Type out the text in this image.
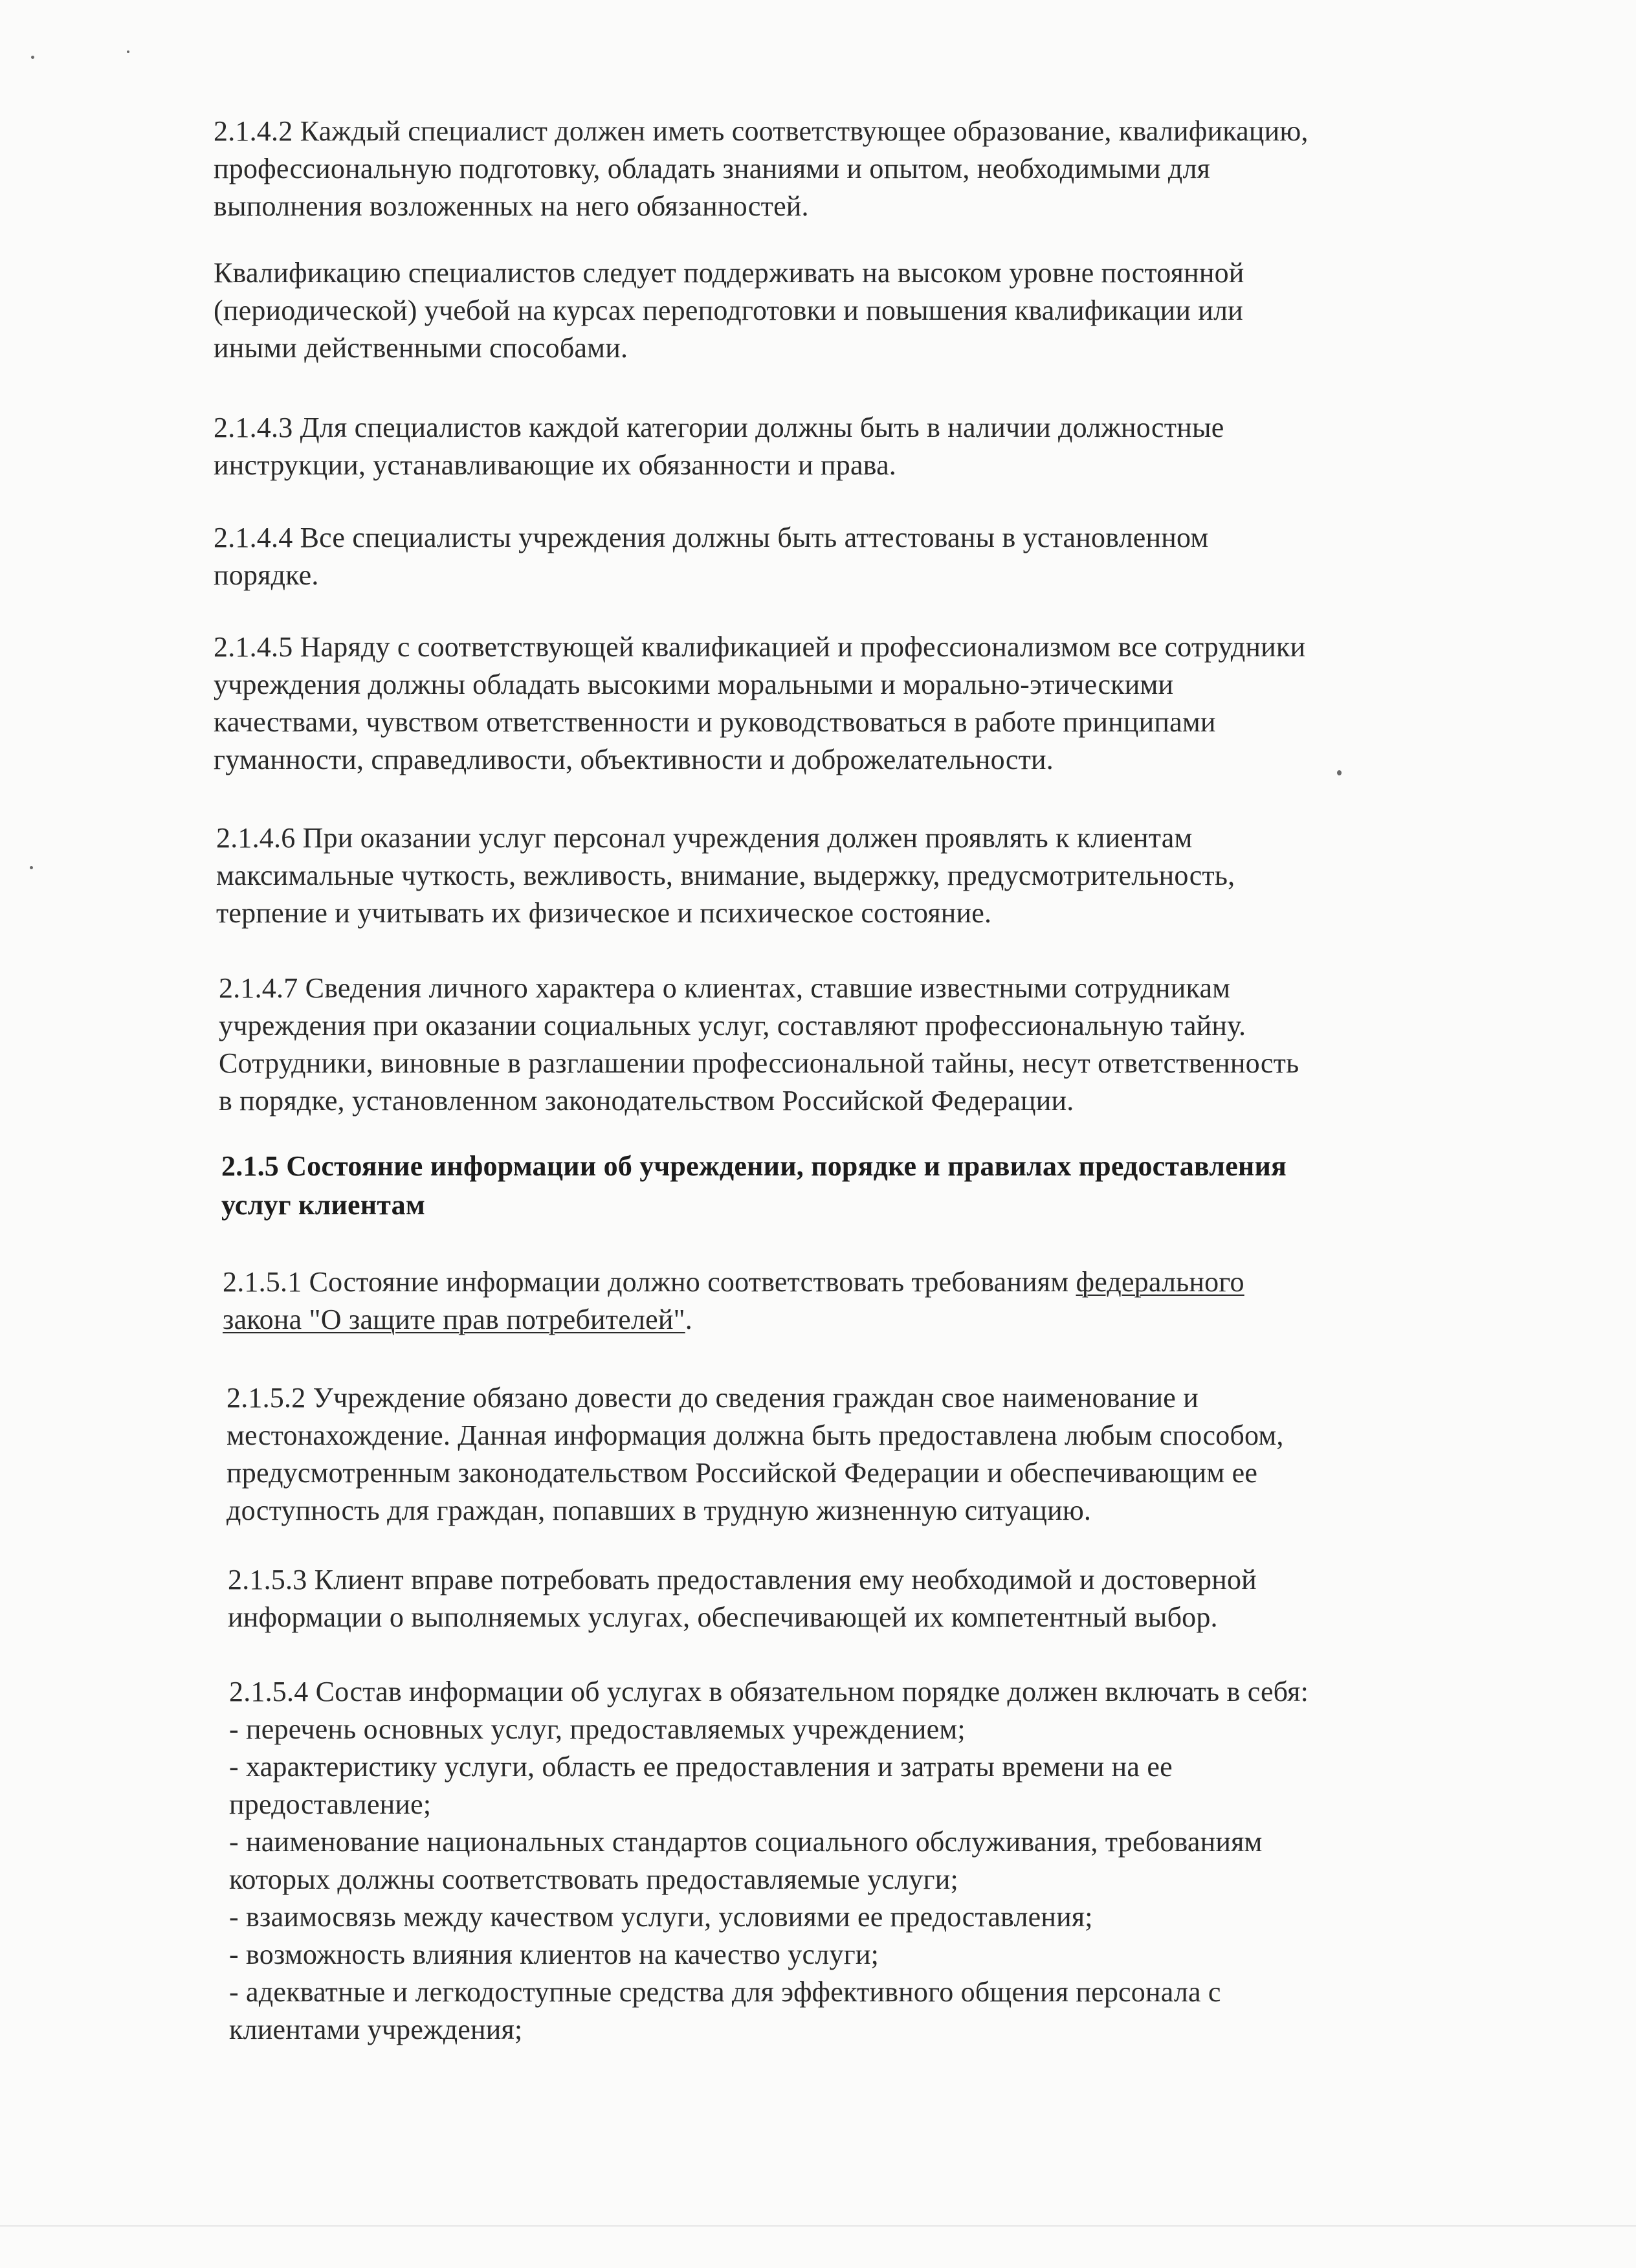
2.1.4.2 Каждый специалист должен иметь соответствующее образование, квалификацию,
профессиональную подготовку, обладать знаниями и опытом, необходимыми для
выполнения возложенных на него обязанностей.
Квалификацию специалистов следует поддерживать на высоком уровне постоянной
(периодической) учебой на курсах переподготовки и повышения квалификации или
иными действенными способами.
2.1.4.3 Для специалистов каждой категории должны быть в наличии должностные
инструкции, устанавливающие их обязанности и права.
2.1.4.4 Все специалисты учреждения должны быть аттестованы в установленном
порядке.
2.1.4.5 Наряду с соответствующей квалификацией и профессионализмом все сотрудники
учреждения должны обладать высокими моральными и морально-этическими
качествами, чувством ответственности и руководствоваться в работе принципами
гуманности, справедливости, объективности и доброжелательности.
2.1.4.6 При оказании услуг персонал учреждения должен проявлять к клиентам
максимальные чуткость, вежливость, внимание, выдержку, предусмотрительность,
терпение и учитывать их физическое и психическое состояние.
2.1.4.7 Сведения личного характера о клиентах, ставшие известными сотрудникам
учреждения при оказании социальных услуг, составляют профессиональную тайну.
Сотрудники, виновные в разглашении профессиональной тайны, несут ответственность
в порядке, установленном законодательством Российской Федерации.
2.1.5 Состояние информации об учреждении, порядке и правилах предоставления
услуг клиентам
2.1.5.1 Состояние информации должно соответствовать требованиям федерального
закона "О защите прав потребителей".
2.1.5.2 Учреждение обязано довести до сведения граждан свое наименование и
местонахождение. Данная информация должна быть предоставлена любым способом,
предусмотренным законодательством Российской Федерации и обеспечивающим ее
доступность для граждан, попавших в трудную жизненную ситуацию.
2.1.5.3 Клиент вправе потребовать предоставления ему необходимой и достоверной
информации о выполняемых услугах, обеспечивающей их компетентный выбор.
2.1.5.4 Состав информации об услугах в обязательном порядке должен включать в себя:
- перечень основных услуг, предоставляемых учреждением;
- характеристику услуги, область ее предоставления и затраты времени на ее
предоставление;
- наименование национальных стандартов социального обслуживания, требованиям
которых должны соответствовать предоставляемые услуги;
- взаимосвязь между качеством услуги, условиями ее предоставления;
- возможность влияния клиентов на качество услуги;
- адекватные и легкодоступные средства для эффективного общения персонала с
клиентами учреждения;
